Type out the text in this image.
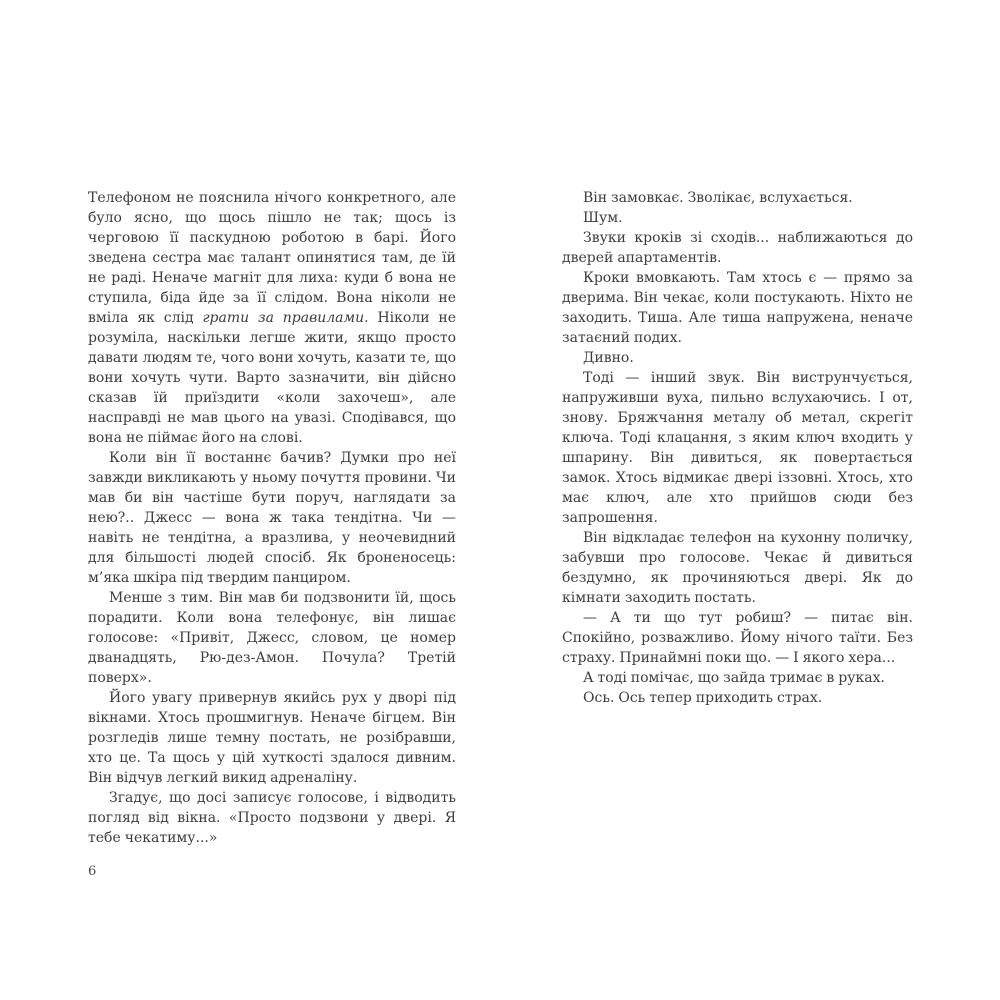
Телефоном не пояснила нічого конкретного, але було ясно, що щось пішло не так; щось із черговою її паскудною роботою в барі. Його зведена сестра має талант опинятися там, де їй не раді. Неначе магніт для лиха: куди б вона не ступила, біда йде за її слідом. Вона ніколи не вміла як слід грати за правилами. Ніколи не розуміла, наскільки легше жити, якщо просто давати людям те, чого вони хочуть, казати те, що вони хочуть чути. Варто зазначити, він дійсно сказав їй приїздити «коли захочеш», але насправді не мав цього на увазі. Сподівався, що вона не піймає його на слові.

Коли він її востаннє бачив? Думки про неї завжди викликають у ньому почуття провини. Чи мав би він частіше бути поруч, наглядати за нею?.. Джесс — вона ж така тендітна. Чи — навіть не тендітна, а вразлива, у неочевидний для більшості людей спосіб. Як броненосець: м’яка шкіра під твердим панциром.

Менше з тим. Він мав би подзвонити їй, щось порадити. Коли вона телефонує, він лишає голосове: «Привіт, Джесс, словом, це номер дванадцять, Рю-дез-Амон. Почула? Третій поверх».

Його увагу привернув якийсь рух у дворі під вікнами. Хтось прошмигнув. Неначе бігцем. Він розгледів лише темну постать, не розібравши, хто це. Та щось у цій хуткості здалося дивним. Він відчув легкий викид адреналіну.

Згадує, що досі записує голосове, і відводить погляд від вікна. «Просто подзвони у двері. Я тебе чекатиму...»

6

Він замовкає. Зволікає, вслухається.

Шум.

Звуки кроків зі сходів... наближаються до дверей апартаментів.

Кроки вмовкають. Там хтось є — прямо за дверима. Він чекає, коли постукають. Ніхто не заходить. Тиша. Але тиша напружена, неначе затаєний подих.

Дивно.

Тоді — інший звук. Він виструнчується, напруживши вуха, пильно вслухаючись. І от, знову. Бряжчання металу об метал, скрегіт ключа. Тоді клацання, з яким ключ входить у шпарину. Він дивиться, як повертається замок. Хтось відмикає двері іззовні. Хтось, хто має ключ, але хто прийшов сюди без запрошення.

Він відкладає телефон на кухонну поличку, забувши про голосове. Чекає й дивиться бездумно, як прочиняються двері. Як до кімнати заходить постать.

— А ти що тут робиш? — питає він. Спокійно, розважливо. Йому нічого таїти. Без страху. Принаймні поки що. — І якого хера...

А тоді помічає, що зайда тримає в руках.

Ось. Ось тепер приходить страх.
